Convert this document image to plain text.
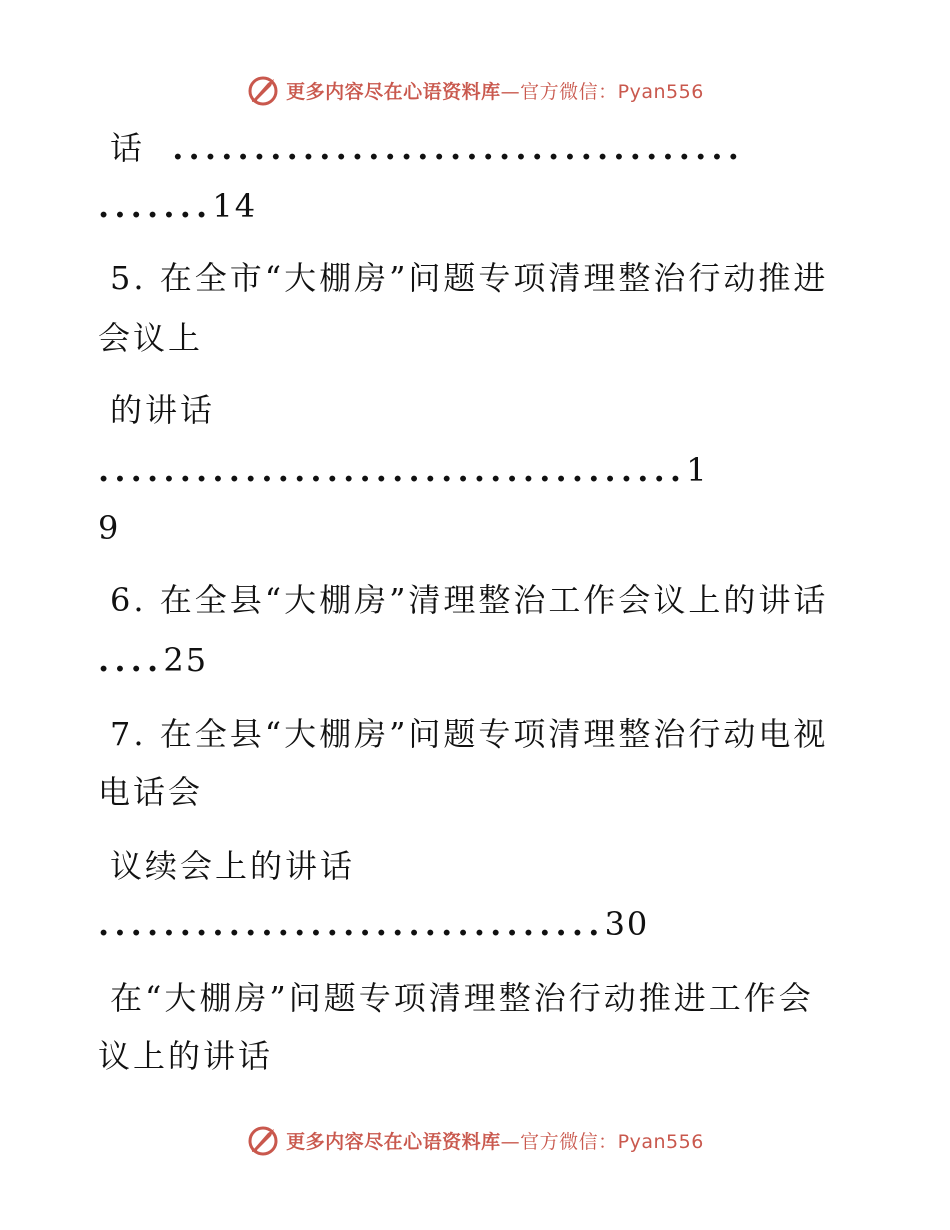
更多内容尽在心语资料库—官方微信：Pyan556
话 ...................................
.......14
5. 在全市“大棚房”问题专项清理整治行动推进
会议上
的讲话
....................................1
9
6. 在全县“大棚房”清理整治工作会议上的讲话
....25
7. 在全县“大棚房”问题专项清理整治行动电视
电话会
议续会上的讲话
...............................30
在“大棚房”问题专项清理整治行动推进工作会
议上的讲话
更多内容尽在心语资料库—官方微信：Pyan556
